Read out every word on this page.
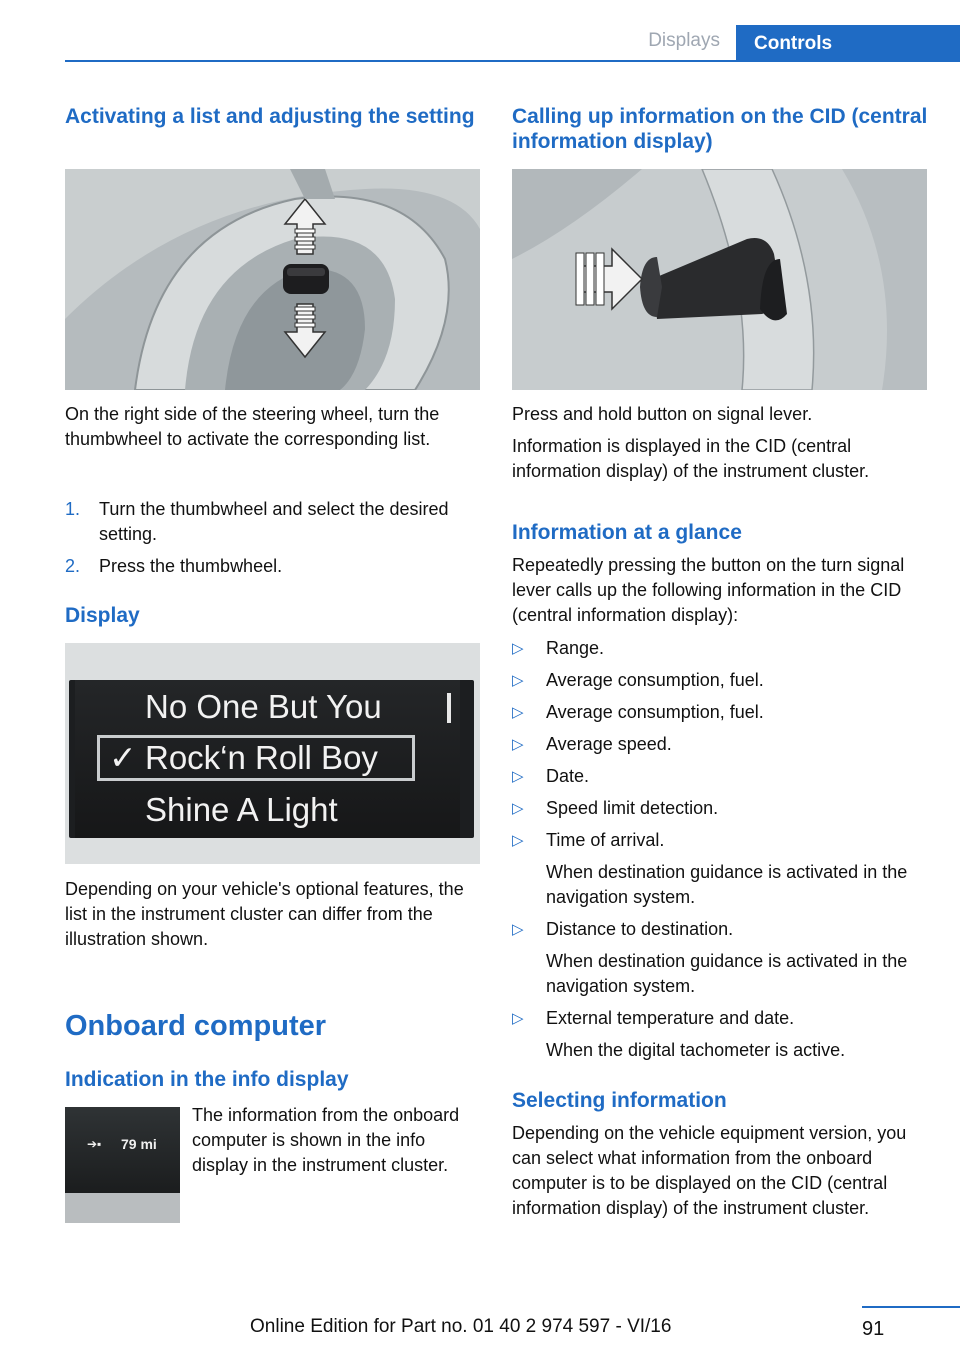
Displays	Controls
Activating a list and adjusting the setting

On the right side of the steering wheel, turn the thumbwheel to activate the corresponding list.

1. Turn the thumbwheel and select the desired setting.
2. Press the thumbwheel.
Display
No One But You
✓ Rock‘n Roll Boy
Shine A Light

Depending on your vehicle's optional features, the list in the instrument cluster can differ from the illustration shown.

Onboard computer
Indication in the info display
➔▪ 79 mi

The information from the onboard computer is shown in the info display in the instrument cluster.

Calling up information on the CID (central information display)

Press and hold button on signal lever.

Information is displayed in the CID (central information display) of the instrument cluster.

Information at a glance

Repeatedly pressing the button on the turn signal lever calls up the following information in the CID (central information display):

▷ Range.
▷ Average consumption, fuel.
▷ Average consumption, fuel.
▷ Average speed.
▷ Date.
▷ Speed limit detection.
▷ Time of arrival.
When destination guidance is activated in the navigation system.
▷ Distance to destination.
When destination guidance is activated in the navigation system.
▷ External temperature and date.
When the digital tachometer is active.
Selecting information

Depending on the vehicle equipment version, you can select what information from the onboard computer is to be displayed on the CID (central information display) of the instrument cluster.

91
Online Edition for Part no. 01 40 2 974 597 - VI/16
